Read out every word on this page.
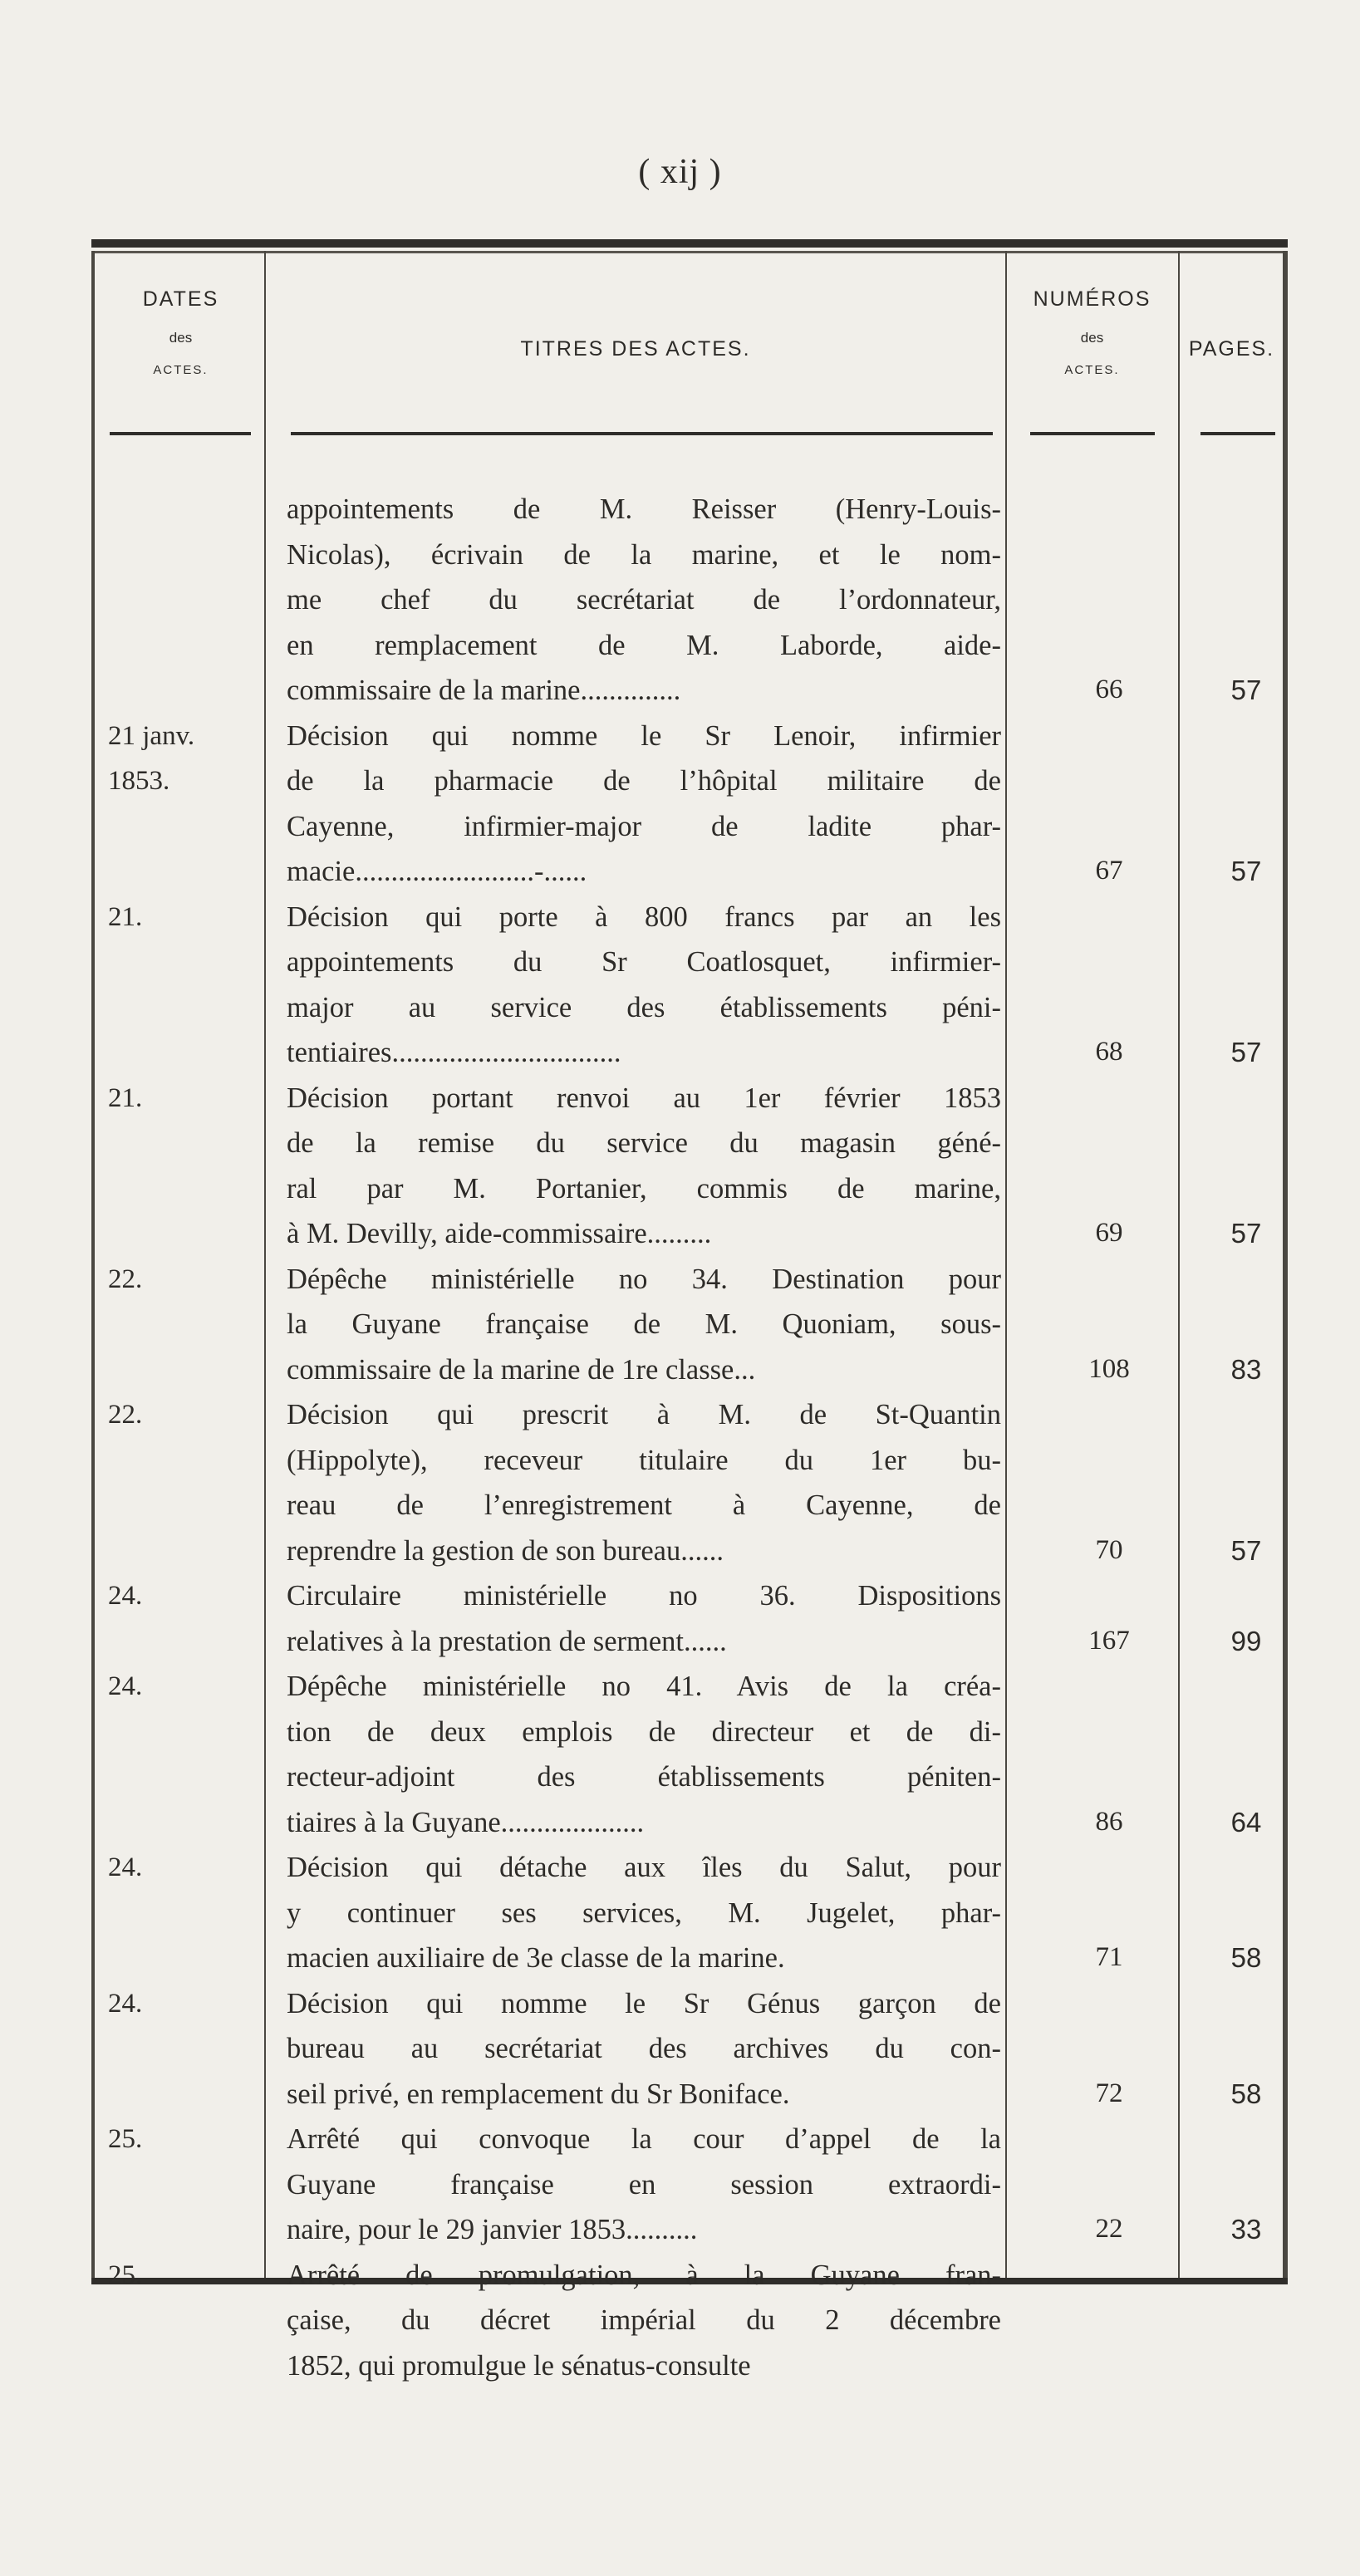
( xij )
DATES
des
ACTES.
TITRES DES ACTES.
NUMÉROS
des
ACTES.
PAGES.
appointements de M. Reisser (Henry-Louis-
Nicolas), écrivain de la marine, et le nom-
me chef du secrétariat de l’ordonnateur,
en remplacement de M. Laborde, aide-
commissaire de la marine..............	66	57
21 janv.
1853.
Décision qui nomme le Sr Lenoir, infirmier
de la pharmacie de l’hôpital militaire de
Cayenne, infirmier-major de ladite phar-
macie.........................-......	67	57
21.	Décision qui porte à 800 francs par an les
appointements du Sr Coatlosquet, infirmier-
major au service des établissements péni-
tentiaires................................	68	57
21.	Décision portant renvoi au 1er février 1853
de la remise du service du magasin géné-
ral par M. Portanier, commis de marine,
à M. Devilly, aide-commissaire.........	69	57
22.	Dépêche ministérielle no 34. Destination pour
la Guyane française de M. Quoniam, sous-
commissaire de la marine de 1re classe...	108	83
22.	Décision qui prescrit à M. de St-Quantin
(Hippolyte), receveur titulaire du 1er bu-
reau de l’enregistrement à Cayenne, de
reprendre la gestion de son bureau......	70	57
24.	Circulaire ministérielle no 36. Dispositions
relatives à la prestation de serment......	167	99
24.	Dépêche ministérielle no 41. Avis de la créa-
tion de deux emplois de directeur et de di-
recteur-adjoint des établissements péniten-
tiaires à la Guyane....................	86	64
24.	Décision qui détache aux îles du Salut, pour
y continuer ses services, M. Jugelet, phar-
macien auxiliaire de 3e classe de la marine.	71	58
24.	Décision qui nomme le Sr Génus garçon de
bureau au secrétariat des archives du con-
seil privé, en remplacement du Sr Boniface.	72	58
25.	Arrêté qui convoque la cour d’appel de la
Guyane française en session extraordi-
naire, pour le 29 janvier 1853..........	22	33
25.	Arrêté de promulgation, à la Guyane fran-
çaise, du décret impérial du 2 décembre
1852, qui promulgue le sénatus-consulte
